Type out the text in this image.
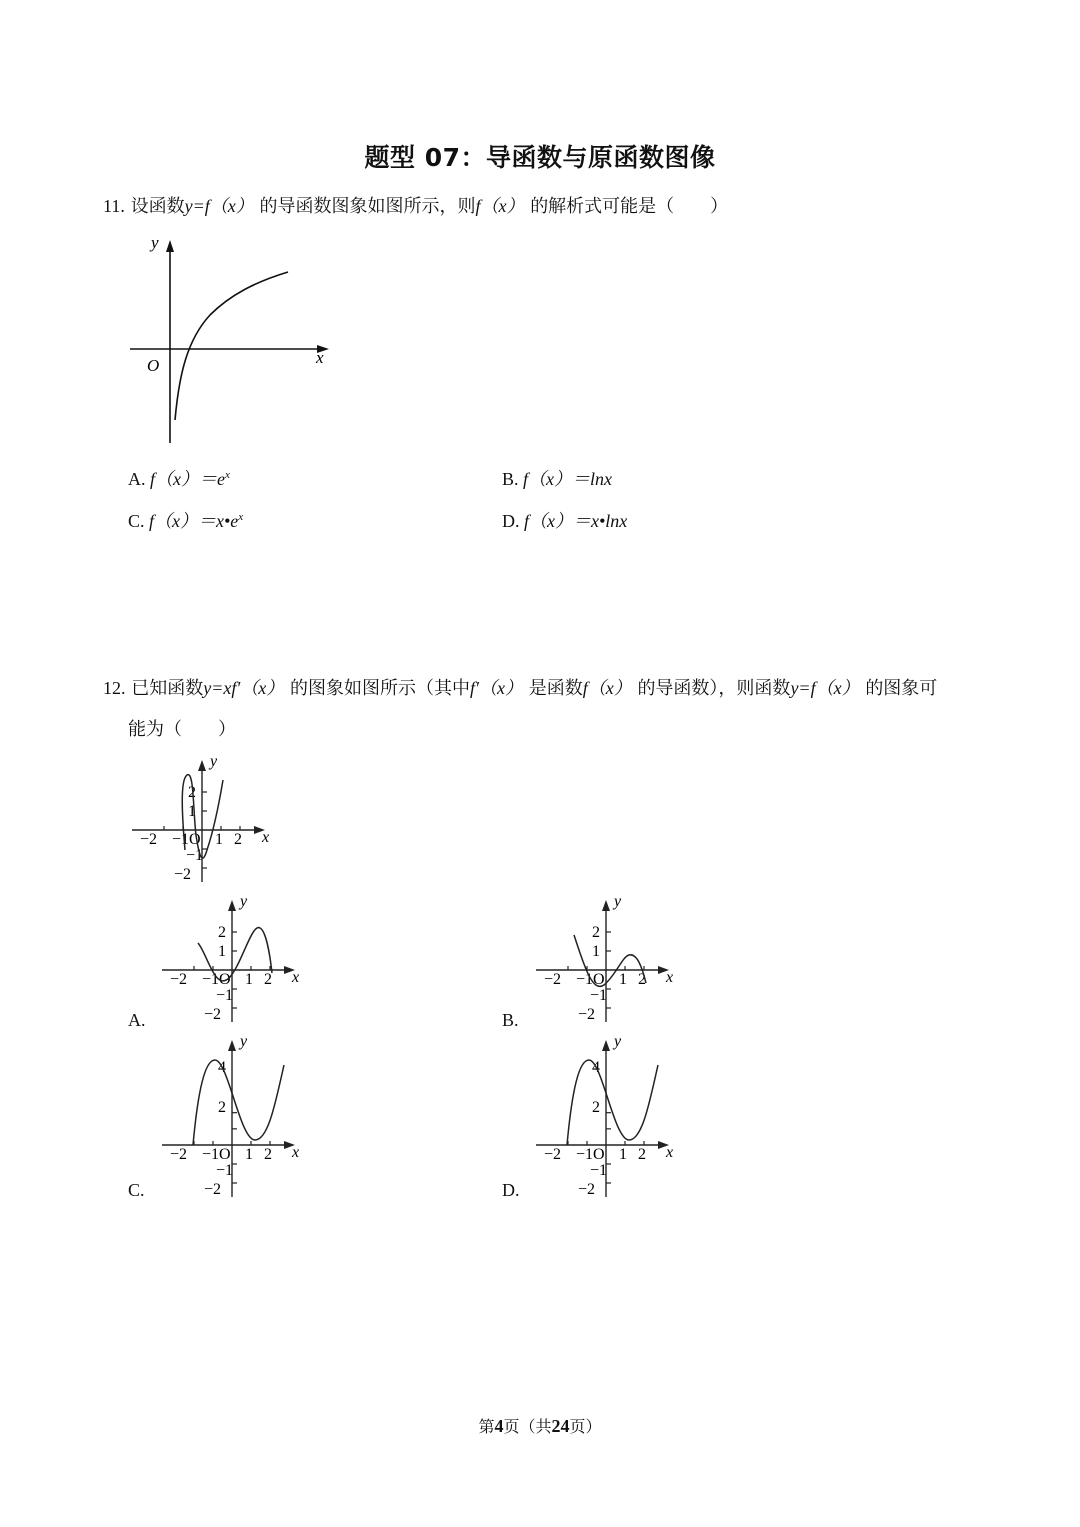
题型 07：导函数与原函数图像
11. 设函数y=f（x） 的导函数图象如图所示，则f（x） 的解析式可能是（　　）
y
x
O
A. $f(x)=e^x$	B. f（x）＝lnx
C. $f(x)=x•e^x$	D. f（x）＝x•lnx
12. 已知函数y=xf′（x） 的图象如图所示（其中f′（x） 是函数f（x） 的导函数），则函数y=f（x） 的图象可
能为（　　）
−2 −1 O 1 2 x
y
2
1
−1
−2
−2 −1 O 1 2 x
y
2
1
−1
−2
A.
−2 −1 O 1 2 x
y
2
1
−1
−2
B.
−2 −1 O 1 2 x
y
4
2
−1
−2
C.
−2 −1 O 1 2 x
y
4
2
−1
−2
D.
第4页（共24页）
